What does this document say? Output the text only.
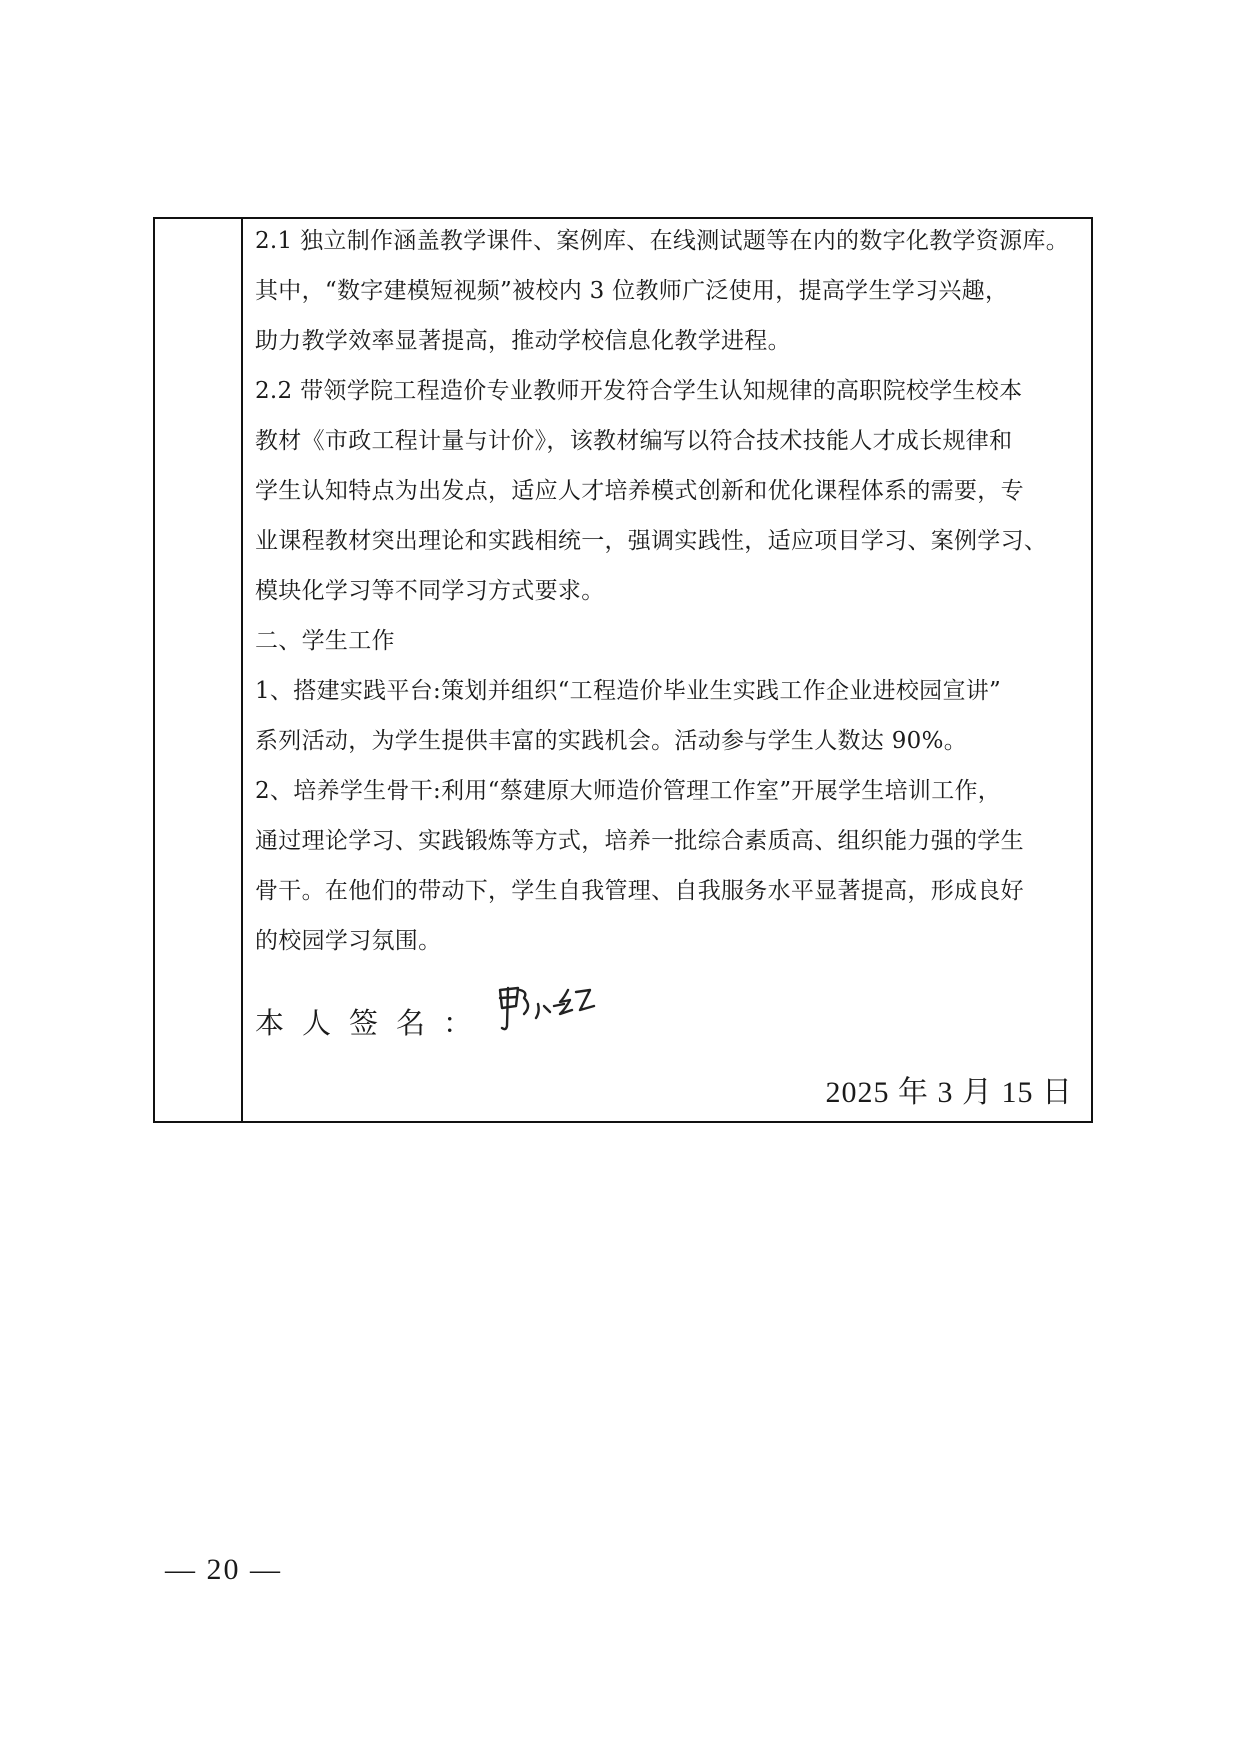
2.1 独立制作涵盖教学课件、案例库、在线测试题等在内的数字化教学资源库。
其中，“数字建模短视频”被校内 3 位教师广泛使用，提高学生学习兴趣，
助力教学效率显著提高，推动学校信息化教学进程。

2.2 带领学院工程造价专业教师开发符合学生认知规律的高职院校学生校本
教材《市政工程计量与计价》，该教材编写以符合技术技能人才成长规律和
学生认知特点为出发点，适应人才培养模式创新和优化课程体系的需要，专
业课程教材突出理论和实践相统一，强调实践性，适应项目学习、案例学习、
模块化学习等不同学习方式要求。

二、学生工作

1、搭建实践平台:策划并组织“工程造价毕业生实践工作企业进校园宣讲”
系列活动，为学生提供丰富的实践机会。活动参与学生人数达 90%。

2、培养学生骨干:利用“蔡建原大师造价管理工作室”开展学生培训工作，
通过理论学习、实践锻炼等方式，培养一批综合素质高、组织能力强的学生
骨干。在他们的带动下，学生自我管理、自我服务水平显著提高，形成良好
的校园学习氛围。

本人签名：
2025 年 3 月 15 日
— 20 —
